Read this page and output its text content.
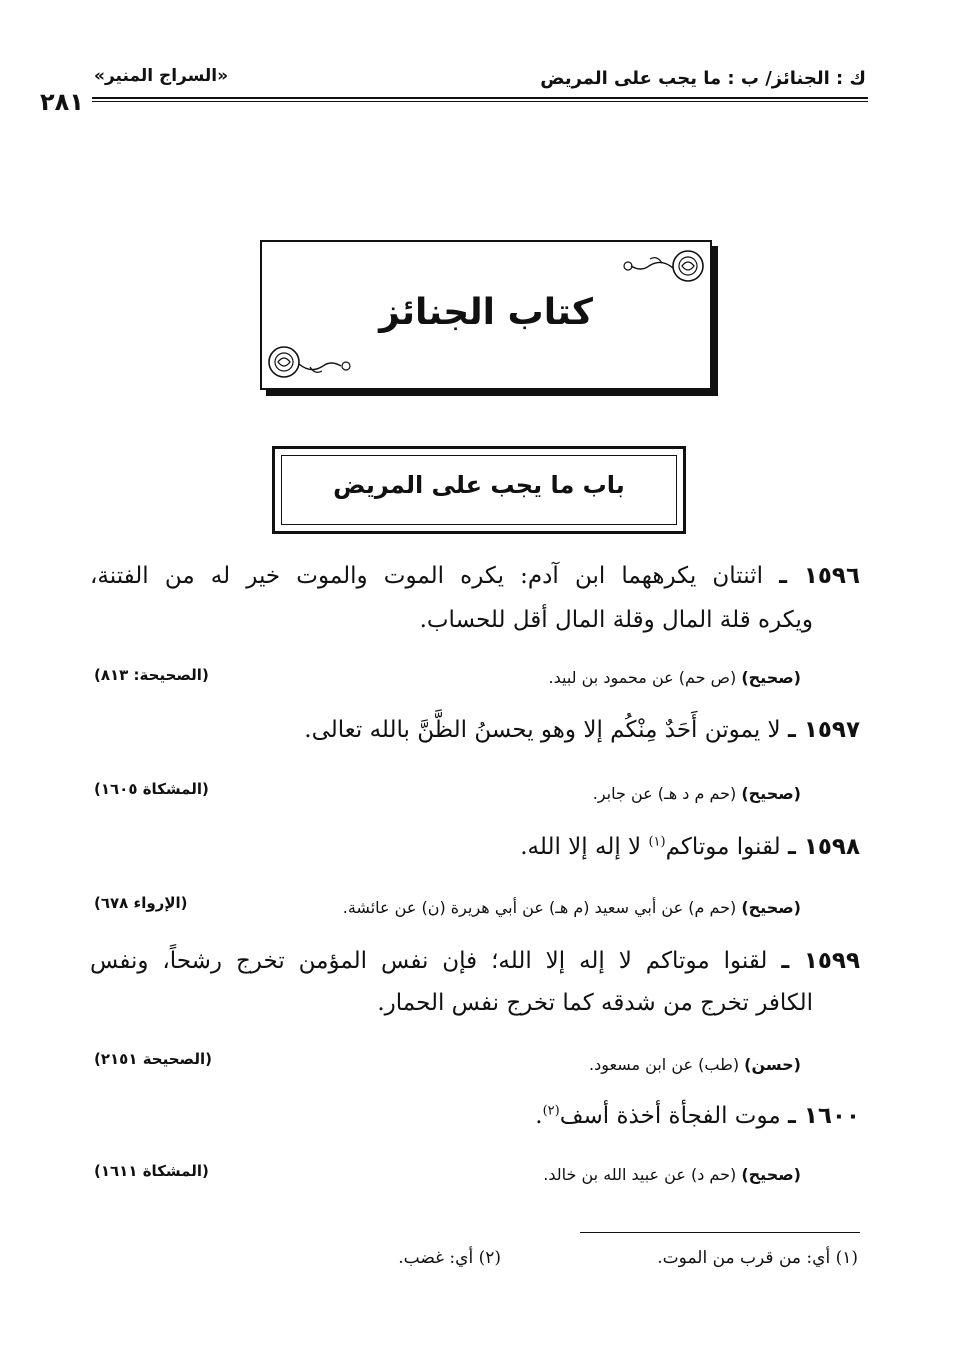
«السراج المنير»
٢٨١
ك : الجنائز/ ب : ما يجب على المريض
كتاب الجنائز
باب ما يجب على المريض
١٥٩٦ ـ اثنتان يكرههما ابن آدم: يكره الموت والموت خير له من الفتنة،
ويكره قلة المال وقلة المال أقل للحساب.
(صحيح) (ص حم) عن محمود بن لبيد.
(الصحيحة: ٨١٣)
١٥٩٧ ـ لا يموتن أَحَدٌ مِنْكُم إلا وهو يحسنُ الظَّنَّ بالله تعالى.
(صحيح) (حم م د هـ) عن جابر.
(المشكاة ١٦٠٥)
١٥٩٨ ـ لقنوا موتاكم$^{(١)}$ لا إله إلا الله.
(صحيح) (حم م) عن أبي سعيد (م هـ) عن أبي هريرة (ن) عن عائشة.
(الإرواء ٦٧٨)
١٥٩٩ ـ لقنوا موتاكم لا إله إلا الله؛ فإن نفس المؤمن تخرج رشحاً، ونفس
الكافر تخرج من شدقه كما تخرج نفس الحمار.
(حسن) (طب) عن ابن مسعود.
(الصحيحة ٢١٥١)
١٦٠٠ ـ موت الفجأة أخذة أسف$^{(٢)}$.
(صحيح) (حم د) عن عبيد الله بن خالد.
(المشكاة ١٦١١)
(١) أي: من قرب من الموت.
(٢) أي: غضب.
